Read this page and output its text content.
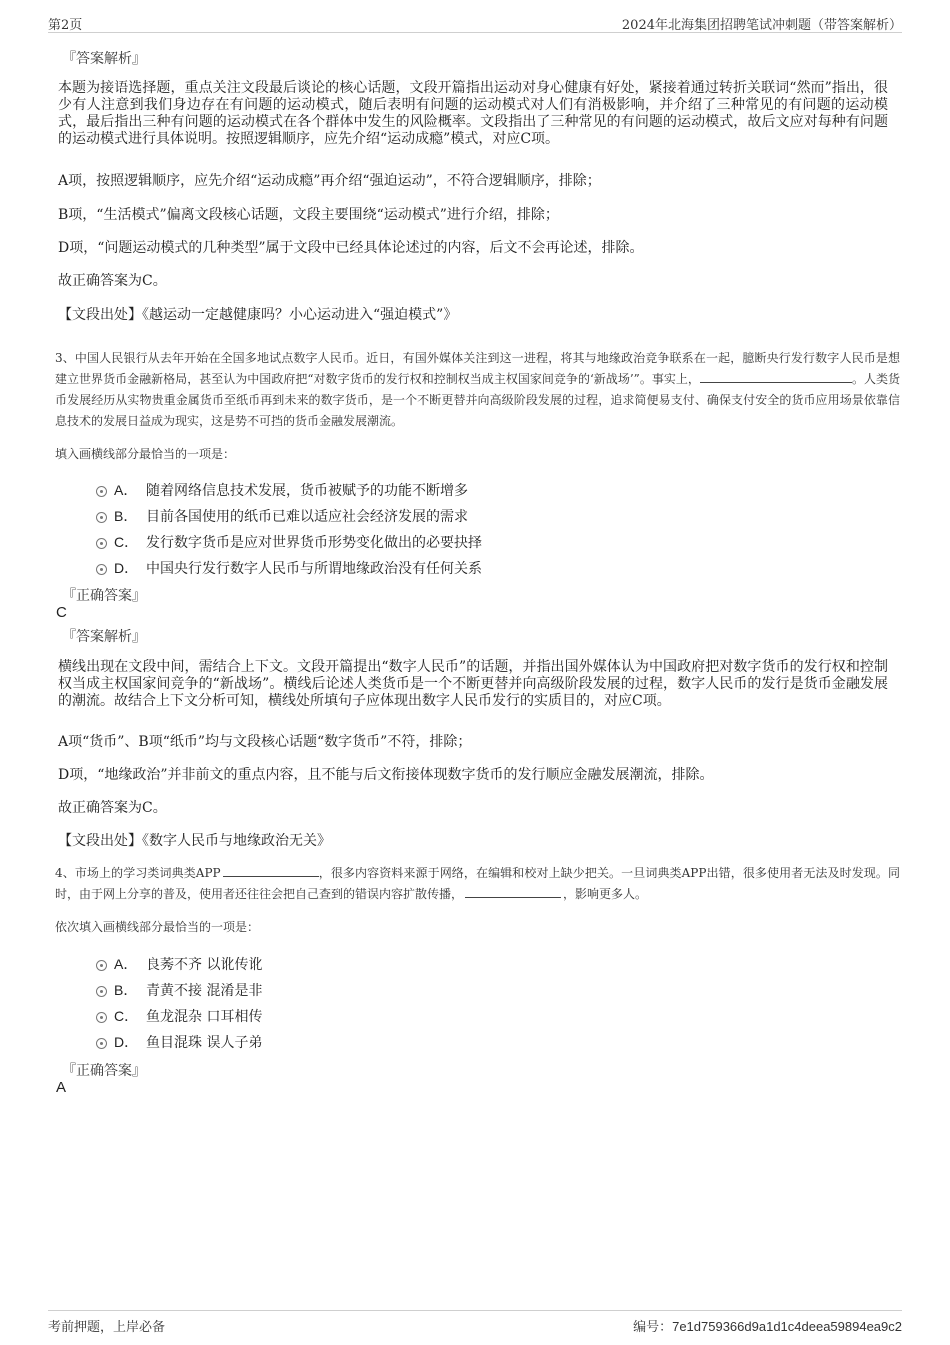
第2页	2024年北海集团招聘笔试冲刺题（带答案解析）
『答案解析』
本题为接语选择题，重点关注文段最后谈论的核心话题，文段开篇指出运动对身心健康有好处，紧接着通过转折关联词“然而”指出，很少有人注意到我们身边存在有问题的运动模式，随后表明有问题的运动模式对人们有消极影响，并介绍了三种常见的有问题的运动模式，最后指出三种有问题的运动模式在各个群体中发生的风险概率。文段指出了三种常见的有问题的运动模式，故后文应对每种有问题的运动模式进行具体说明。按照逻辑顺序，应先介绍“运动成瘾”模式，对应C项。
A项，按照逻辑顺序，应先介绍“运动成瘾”再介绍“强迫运动”，不符合逻辑顺序，排除；
B项，“生活模式”偏离文段核心话题，文段主要围绕“运动模式”进行介绍，排除；
D项，“问题运动模式的几种类型”属于文段中已经具体论述过的内容，后文不会再论述，排除。
故正确答案为C。
【文段出处】《越运动一定越健康吗？小心运动进入“强迫模式”》
3、中国人民银行从去年开始在全国多地试点数字人民币。近日，有国外媒体关注到这一进程，将其与地缘政治竞争联系在一起，臆断央行发行数字人民币是想建立世界货币金融新格局，甚至认为中国政府把“对数字货币的发行权和控制权当成主权国家间竞争的‘新战场’”。事实上，	。人类货币发展经历从实物贵重金属货币至纸币再到未来的数字货币，是一个不断更替并向高级阶段发展的过程，追求简便易支付、确保支付安全的货币应用场景依靠信息技术的发展日益成为现实，这是势不可挡的货币金融发展潮流。
填入画横线部分最恰当的一项是：
A． 随着网络信息技术发展，货币被赋予的功能不断增多
B． 目前各国使用的纸币已难以适应社会经济发展的需求
C． 发行数字货币是应对世界货币形势变化做出的必要抉择
D． 中国央行发行数字人民币与所谓地缘政治没有任何关系
『正确答案』
C
『答案解析』
横线出现在文段中间，需结合上下文。文段开篇提出“数字人民币”的话题，并指出国外媒体认为中国政府把对数字货币的发行权和控制权当成主权国家间竞争的“新战场”。横线后论述人类货币是一个不断更替并向高级阶段发展的过程，数字人民币的发行是货币金融发展的潮流。故结合上下文分析可知，横线处所填句子应体现出数字人民币发行的实质目的，对应C项。
A项“货币”、B项“纸币”均与文段核心话题“数字货币”不符，排除；
D项，“地缘政治”并非前文的重点内容，且不能与后文衔接体现数字货币的发行顺应金融发展潮流，排除。
故正确答案为C。
【文段出处】《数字人民币与地缘政治无关》
4、市场上的学习类词典类APP	，很多内容资料来源于网络，在编辑和校对上缺少把关。一旦词典类APP出错，很多使用者无法及时发现。同时，由于网上分享的普及，使用者还往往会把自己查到的错误内容扩散传播，	，影响更多人。
依次填入画横线部分最恰当的一项是：
A． 良莠不齐 以讹传讹
B． 青黄不接 混淆是非
C． 鱼龙混杂 口耳相传
D． 鱼目混珠 误人子弟
『正确答案』
A
考前押题，上岸必备	编号：7e1d759366d9a1d1c4deea59894ea9c2
